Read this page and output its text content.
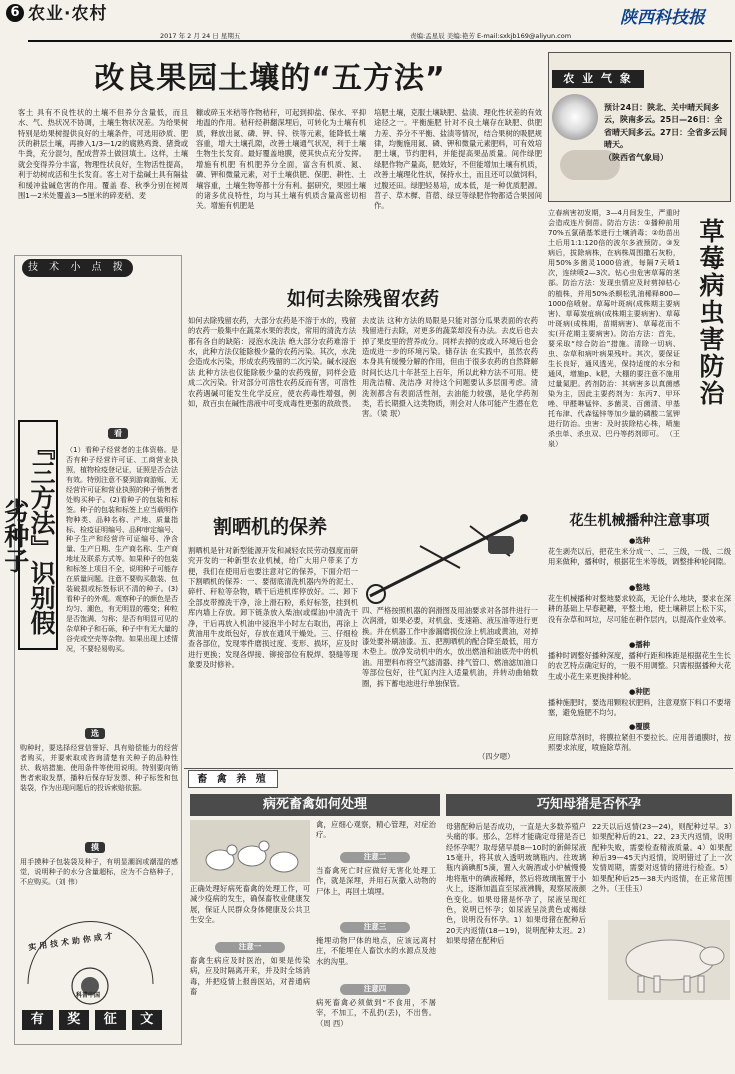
6 农业·农村
2017 年 2 月 24 日 星期五	责编:孟星辰 美编:艳芳 E-mail:sxkjb169@aliyun.com
陕西科技报
改良果园土壤的“五方法”
客土 具有不良性状的土壤不但养分含量低，而且水、气、热状况不协调，土壤生物状况差。为给果树特别是幼果树提供良好的土壤条件，可选用砂质、肥沃的耕层土壤，再掺入1/3—1/2的腐熟鸡粪、猪粪或牛粪，充分混匀，配成营养土做回填土。这样，土壤就会变得养分丰富，物理性状良好，生物活性提高，利于幼树成活和生长发育。客土对于盐碱土具有隔盐和缓冲盐碱危害的作用。覆盖 春、秋季分别在树周围1—2米处覆盖3—5厘米的碎麦秸、麦
糠或碎玉米秸等作物秸秆，可起到抑盐、保水、平抑地温的作用。秸秆经耕翻深埋后，可转化为土壤有机质，释放出氮、磷、钾、锌、铁等元素，能降低土壤容重，增大土壤孔隙，改善土壤通气状况，利于土壤生物生长发育。最好覆盖地膜，使其快点充分发挥。增施有机肥 有机肥养分全面，富含有机质、氮、磷、钾和微量元素，对于土壤供肥、保肥、耕性、土壤容重，土壤生物等都十分有利。据研究，果园土壤的诸多优良特性，均与其土壤有机质含量高密切相关。增施有机肥是
培肥土壤，克服土壤缺肥、盐渍、理化性状差的有效途径之一。平衡施肥 针对不良土壤存在缺肥、供肥力差、养分不平衡、盐渍等情况，结合果树的吸肥规律，均衡施用氮、磷、钾和微量元素肥料，可有效培肥土壤，节约肥料，并能提高果品质量。间作绿肥 绿肥作物产量高，肥效好，不但能增加土壤有机质，改善土壤理化性状，保持水土，而且还可以做饲料，过腹还田。绿肥轻易培，成本低，是一种优质肥源。苕子、草木樨、苜蓿、绿豆等绿肥作物都适合果园间作。
农 业 气 象
预计24日：陕北、关中晴天间多云，陕南多云。25日—26日：全省晴天间多云。27日：全省多云间晴天。
（陕西省气象局）
立春病害初发期，3—4月间发生，严重时会造成连片倒苗。防治方法：①播种前用70%五氯硝基苯进行土壤消毒；②幼苗出土后用1:1:120倍的波尔多液预防。③发病后，拔除病株，在病株周围撒石灰粉，用50%多菌灵1000倍液，每隔7天喷1次，连续喷2—3次。钻心虫危害草莓的茎部。防治方法：发现虫情应及时剪掉枯心的植株，并用50%杀螟松乳油稀释800—1000倍喷射。草莓叶斑病(成株期主要病害)、草莓炭疽病(成株期主要病害)、草莓叶斑病(成株期，苗期病害)、草莓花而不实(开花期主要病害)。防治方法：首先，要采取“综合防治”措施。清除一切病、虫、杂草和病叶病果残叶。其次，要保证生长良好，通风透光，保持适度的水分和通风，增施p、k肥，大棚的要注意不施用过量氮肥。药剂防治：其病害多以真菌感染为主，因此主要药剂为：东丙7、甲环唑、甲醛啉锰锌、多菌灵、百菌清、甲基托布津、代森锰锌等加少量的磷酸二氢钾进行防治。虫害：及时拔除枯心株，喷施杀虫单、杀虫双、巴丹等药剂即可。 （王 泉）
草莓病虫害防治
技 术 小 点 拨
『三方法』识别假劣种子
看
（1）看种子经营者的主体资格。是否有种子经营许可证、工商营业执照，植物检疫登记证，证照是否合法有效。特别注意不要到游商游贩、无经营许可证和营业执照的种子销售者处购买种子。(2)看种子的包装和标签。种子的包装和标签上应当载明作物种类、品种名称、产地、质量指标、检疫证明编号、品种审定编号、种子生产和经营许可证编号、净含量、生产日期、生产商名称、生产商地址及联系方式等。如果种子的包装和标签上项目不全，说明种子可能存在质量问题。注意不要购买散装、包装破损或标签标识不清的种子。(3)看种子的外观。观察种子的颜色是否均匀、潮色，有无明显的霉变；种粒是否饱满、匀称；是否有明显可见的杂草种子和石砾，种子中有无大量的谷壳或空壳等杂物。如果出现上述情况，不要轻易购买。
选
购种时，要选择经营信誉好、具有赔偿能力的经营者购买，并要索取或咨询清楚有关种子的品种性状、栽培措施、使用条件等使用说明。特别要向销售者索取发票，播种后保存好发票、种子标签和包装袋，作为出现问题后的投诉索赔依据。
摸
用手摸种子包装袋及种子，有明显潮润或潮湿的感觉，说明种子的水分含量超标，应为不合格种子，不应购买。（刘 伟）
实用技术助你成才
科普中国
有	奖	征	文
如何去除残留农药
如何去除残留农药，大部分农药是不溶于水的，残留的农药一般集中在蔬菜水果的表皮，常用的清洗方法都有各自的缺陷：浸泡水洗法 绝大部分农药难溶于水，此种方法仅能除极少量的农药污染。其次，水洗会造成水污染，形成农药残留的二次污染。碱水浸泡法 此种方法也仅能除极少量的农药残留，同样会造成二次污染。针对部分可溶性农药反而有害，可溶性农药遇碱可能发生化学反应，使农药毒性增强，例如，敌百虫在碱性溶液中可变成毒性更强的敌敌畏。
去皮法 这种方法的局限是只能对部分瓜果表面的农药残留进行去除，对更多的蔬菜却没有办法。去皮后也去掉了果皮里的营养成分。同样去掉的皮或入环境后也会造成进一步的环境污染。储存法 在实践中，虽然农药本身具有缓慢分解的作用，但由于很多农药的自然降解时间长达几十年甚至上百年，所以此种方法不可用。使用洗洁精、洗洁净 对待这个问题要认多层面考虑。清洗剂都含有表面活性剂，去油能力较强，是化学药剂类，若长期摄入这类物质，则会对人体可能产生潜在危害。（梁 珉）
割晒机的保养
割晒机是针对新型能源开发和减轻农民劳动强度而研究开发的一种新型农业机械，给广大用户带来了方便，我们在使用后也要注意对它的保养，下面介绍一下割晒机的保养：一、要彻底清洗机器内外的泥土、碎杆、秆粒等杂物，晒干后进机库停放好。二、卸下全部皮带擦洗干净，涂上滑石粉，系好标签，挂到机库内墙上存放。卸下链条放入柴油(或煤油)中清洗干净，干后再放入机油中浸泡半小时左右取出，再涂上黄油用牛皮纸包好，存放在通风干燥处。三、仔细检查各部位，发现零件磨损过度、变形、损坏，应及时进行更换；发现各焊接、铆接部位有脱焊、裂缝等现象要及时修补。
四、严格按照机器的润滑图及用油要求对各部件进行一次润滑，如果必要，对机盘、变速箱、液压油等进行更换。并在机器工作中渗漏磨损位涂上机油或黄油，对掉漆处要补刷油漆。五、把割晒机的配合降至最低，用方木垫上。放净发动机中的水，放出燃油和油底壳中的机油。用塑料布将空气滤清器、排气管口、燃油滤加油口等部位包好，往气缸内注入适量机油，并转动曲轴数圈，拆下蓄电池进行单独保管。
（四夕嗯）
花生机械播种注意事项
●选种
花生剥壳以后，把花生米分成一、二、三级，一级、二级用来做种，播种时，根据花生米等级，调整排种轮间隙。
●整地
花生机械播种对整地要求较高，无论什么地块，要求在深耕的基础上早春耙耱，平整土地，使土壤耕层上松下实，没有杂草和坷垃，尽可能在耕作层内，以提高作业效率。
●播种
播种时调整好播种深度，播种行距和株距是根据花生生长的农艺特点确定好的，一般不用调整。只需根据播种大花生或小花生来更换排种轮。
●种肥
播种施肥时，要选用颗粒状肥料，注意观察下料口不要堵塞，避免施肥不均匀。
●覆膜
应用除草剂时，将膜拉紧但不要拉长。应用普通膜时，按照要求浓度，喷施除草剂。
畜 禽 养 殖
病死畜禽如何处理	巧知母猪是否怀孕
正确处理好病死畜禽的处理工作，可减少疫病的发生，确保畜牧业健康发展，保证人民群众身体健康及公共卫生安全。
注意一
畜禽生病应及时医治，如果是传染病，应及时隔离开来，并及时全场消毒，并把疫情上报兽医站，对普通病畜
禽，应细心观察，精心管理，对症治疗。
注意二
当畜禽死亡时应做好无害化处理工作，就是深埋，并用石灰撒入动物的尸体上，再回土填埋。
注意三
掩埋动物尸体的地点，应该远离村庄，不能埋在人畜饮水的水源点及池水的沟里。
注意四
病死畜禽必须做到“不食用，不屠宰，不加工，不乱扔(丢)，不出售。（周 西）
母猪配种后是否成功，一直是大多数养殖户头痛的事。那么，怎样才能确定母猪是否已经怀孕呢？取母猪早晨8—10时的新鲜尿液15毫升，将其放入透明玻璃瓶内。往玻璃瓶内滴碘酊5滴，置入火碗酒或小炉械慢慢地将瓶中的碘液稀释，然后将玻璃瓶置于小火上，逐渐加温直至尿液沸腾，观察尿液颜色变化。如果母猪是怀孕了，尿液呈现红色，说明已怀孕；如尿液呈淡黄色或褐绿色，说明没有怀孕。1）如果母猪在配种后20天内返情(18—19)，说明配种太迟。2）如果母猪在配种后
22天以后返情(23—24)，则配种过早。3）如果配种后的21、22、23天内返情，说明配种失败，需要检查精液质量。4）如果配种后39—45天内返情，说明错过了上一次发情周期，需要对返情的猪进行检查。5）如果配种后25—38天内返情，在正常范围之外。（王佳玉）
